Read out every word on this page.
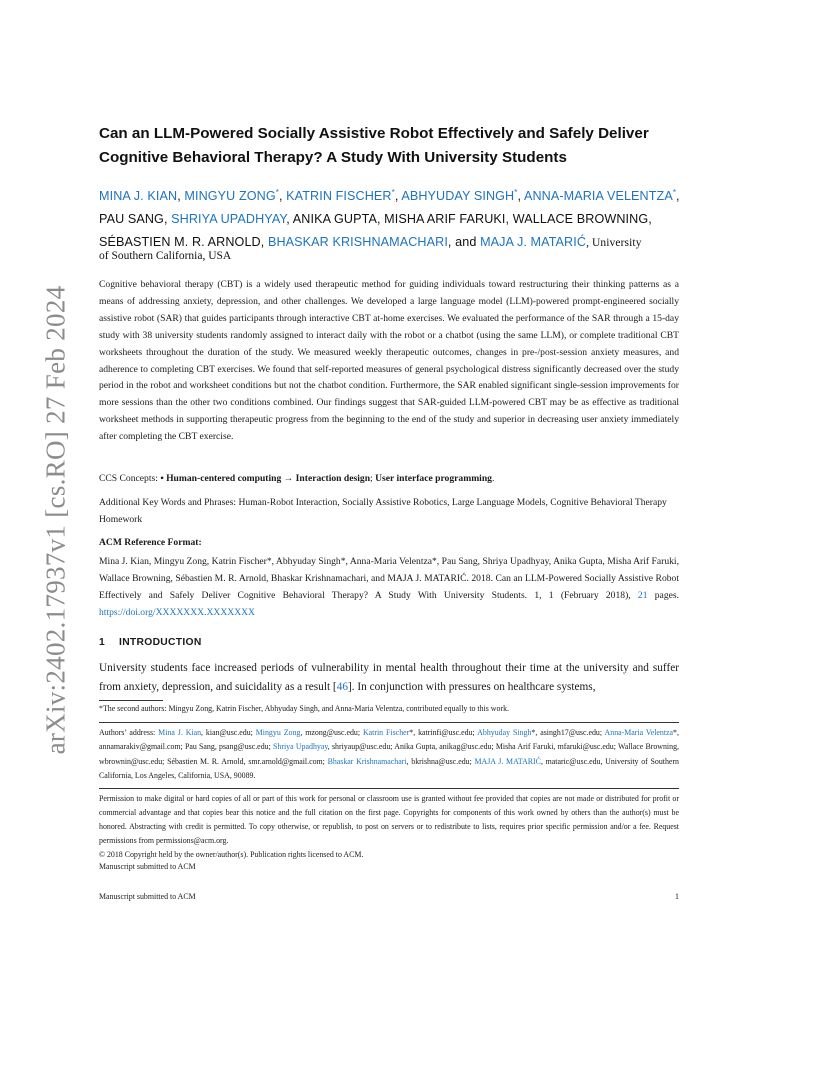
arXiv:2402.17937v1 [cs.RO] 27 Feb 2024
Can an LLM-Powered Socially Assistive Robot Effectively and Safely Deliver
Cognitive Behavioral Therapy? A Study With University Students
MINA J. KIAN, MINGYU ZONG*, KATRIN FISCHER*, ABHYUDAY SINGH*, ANNA-MARIA VELENTZA*, PAU SANG, SHRIYA UPADHYAY, ANIKA GUPTA, MISHA ARIF FARUKI, WALLACE BROWNING, SÉBASTIEN M. R. ARNOLD, BHASKAR KRISHNAMACHARI, and MAJA J. MATARIĆ, University
of Southern California, USA
Cognitive behavioral therapy (CBT) is a widely used therapeutic method for guiding individuals toward restructuring their thinking patterns as a means of addressing anxiety, depression, and other challenges. We developed a large language model (LLM)-powered prompt-engineered socially assistive robot (SAR) that guides participants through interactive CBT at-home exercises. We evaluated the performance of the SAR through a 15-day study with 38 university students randomly assigned to interact daily with the robot or a chatbot (using the same LLM), or complete traditional CBT worksheets throughout the duration of the study. We measured weekly therapeutic outcomes, changes in pre-/post-session anxiety measures, and adherence to completing CBT exercises. We found that self-reported measures of general psychological distress significantly decreased over the study period in the robot and worksheet conditions but not the chatbot condition. Furthermore, the SAR enabled significant single-session improvements for more sessions than the other two conditions combined. Our findings suggest that SAR-guided LLM-powered CBT may be as effective as traditional worksheet methods in supporting therapeutic progress from the beginning to the end of the study and superior in decreasing user anxiety immediately after completing the CBT exercise.
CCS Concepts: • Human-centered computing → Interaction design; User interface programming.
Additional Key Words and Phrases: Human-Robot Interaction, Socially Assistive Robotics, Large Language Models, Cognitive Behavioral Therapy Homework
ACM Reference Format:
Mina J. Kian, Mingyu Zong, Katrin Fischer*, Abhyuday Singh*, Anna-Maria Velentza*, Pau Sang, Shriya Upadhyay, Anika Gupta, Misha Arif Faruki, Wallace Browning, Sébastien M. R. Arnold, Bhaskar Krishnamachari, and MAJA J. MATARIĆ. 2018. Can an LLM-Powered Socially Assistive Robot Effectively and Safely Deliver Cognitive Behavioral Therapy? A Study With University Students. 1, 1 (February 2018), 21 pages. https://doi.org/XXXXXXX.XXXXXXX
1 INTRODUCTION
University students face increased periods of vulnerability in mental health throughout their time at the university and suffer from anxiety, depression, and suicidality as a result [46]. In conjunction with pressures on healthcare systems,
*The second authors: Mingyu Zong, Katrin Fischer, Abhyuday Singh, and Anna-Maria Velentza, contributed equally to this work.
Authors’ address: Mina J. Kian, kian@usc.edu; Mingyu Zong, mzong@usc.edu; Katrin Fischer*, katrinfi@usc.edu; Abhyuday Singh*, asingh17@usc.edu; Anna-Maria Velentza*, annamarakiv@gmail.com; Pau Sang, psang@usc.edu; Shriya Upadhyay, shriyaup@usc.edu; Anika Gupta, anikag@usc.edu; Misha Arif Faruki, mfaruki@usc.edu; Wallace Browning, wbrownin@usc.edu; Sébastien M. R. Arnold, smr.arnold@gmail.com; Bhaskar Krishnamachari, bkrishna@usc.edu; MAJA J. MATARIĆ, mataric@usc.edu, University of Southern California, Los Angeles, California, USA, 90089.
Permission to make digital or hard copies of all or part of this work for personal or classroom use is granted without fee provided that copies are not made or distributed for profit or commercial advantage and that copies bear this notice and the full citation on the first page. Copyrights for components of this work owned by others than the author(s) must be honored. Abstracting with credit is permitted. To copy otherwise, or republish, to post on servers or to redistribute to lists, requires prior specific permission and/or a fee. Request permissions from permissions@acm.org.
© 2018 Copyright held by the owner/author(s). Publication rights licensed to ACM.
Manuscript submitted to ACM
Manuscript submitted to ACM	1
